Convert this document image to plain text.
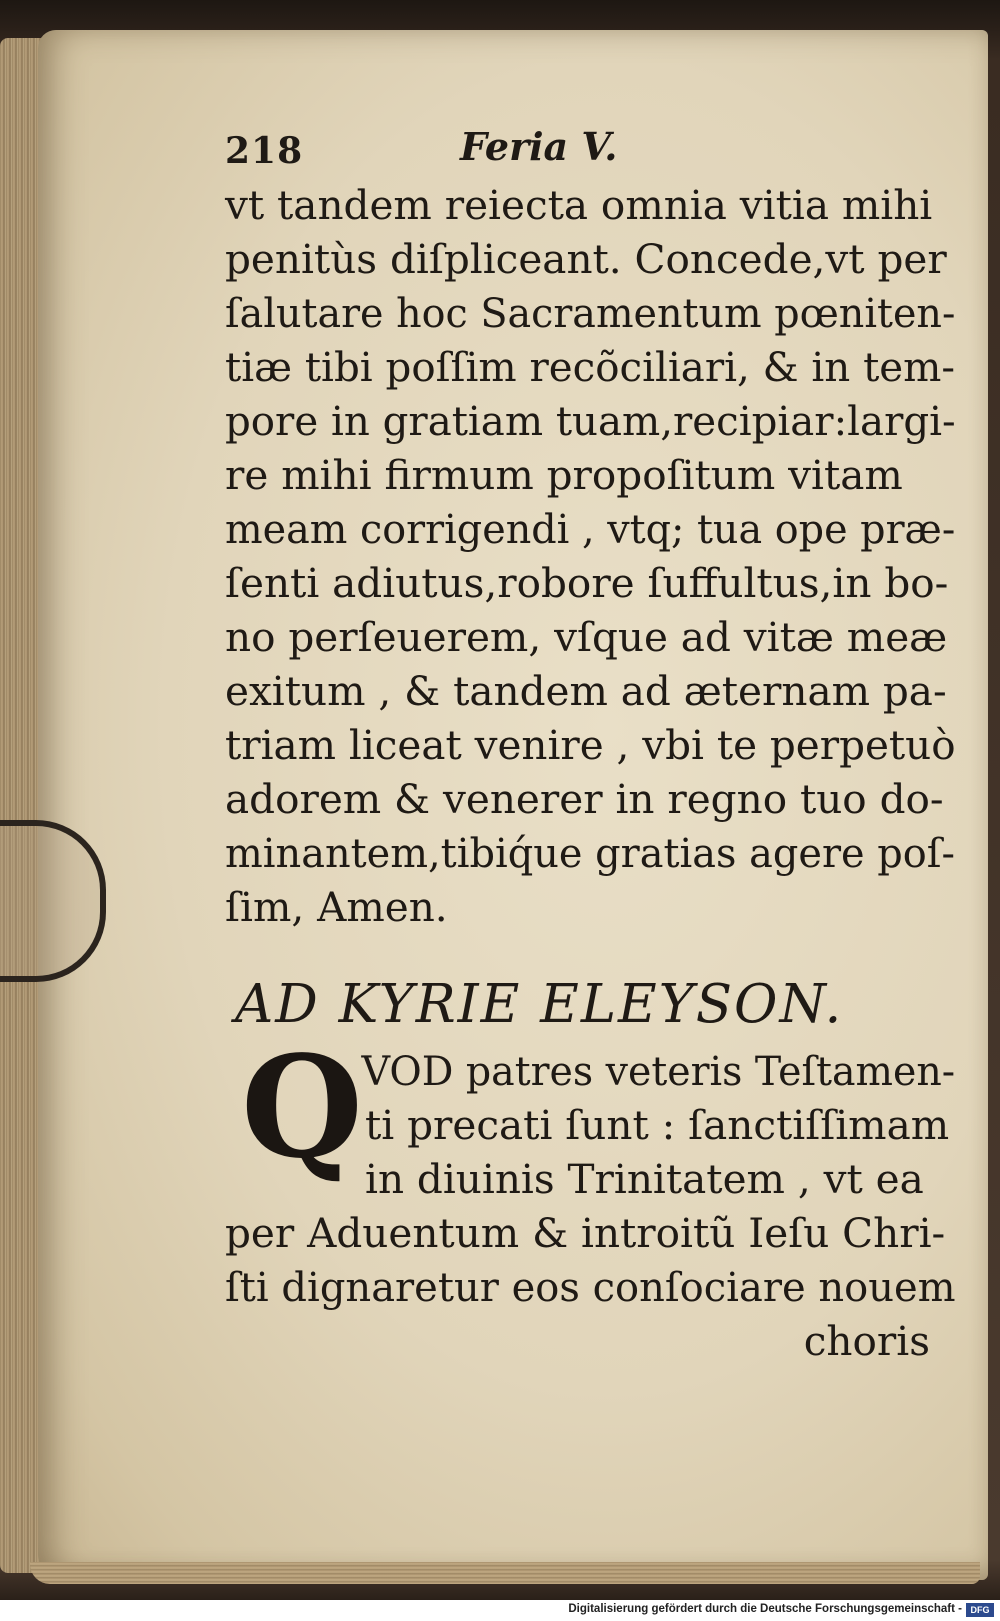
218	Feria V.
vt tandem reiecta omnia vitia mihi
penitùs diſpliceant. Concede,vt per
ſalutare hoc Sacramentum pœniten-
tiæ tibi poſſim recõciliari, & in tem-
pore in gratiam tuam,recipiar:largi-
re mihi firmum propoſitum vitam
meam corrigendi , vtq; tua ope præ-
ſenti adiutus,robore ſuffultus,in bo-
no perſeuerem, vſque ad vitæ meæ
exitum , & tandem ad æternam pa-
triam liceat venire , vbi te perpetuò
adorem & venerer in regno tuo do-
minantem,tibiq́ue gratias agere poſ-
ſim, Amen.
AD KYRIE ELEYSON.
Q
VOD patres veteris Teſtamen-
ti precati ſunt : ſanctiſſimam
in diuinis Trinitatem , vt ea
per Aduentum & introitũ Ieſu Chri-
ſti dignaretur eos conſociare nouem
choris
Digitalisierung gefördert durch die Deutsche Forschungsgemeinschaft - DFG
